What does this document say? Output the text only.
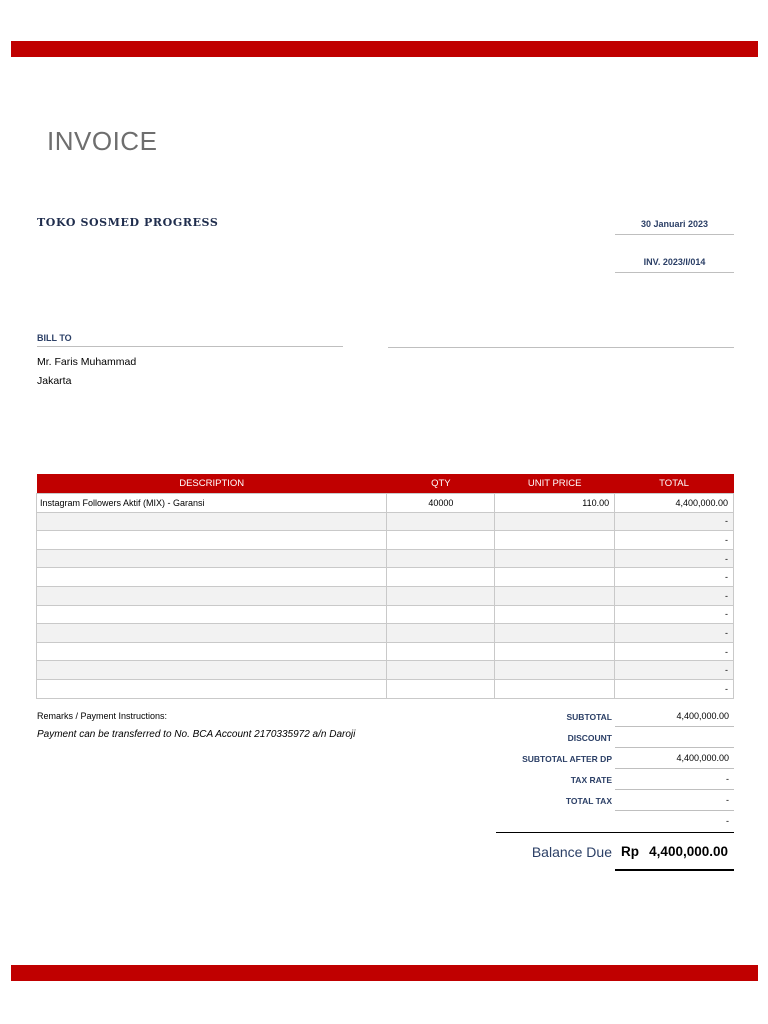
INVOICE
TOKO SOSMED PROGRESS	30 Januari 2023
INV. 2023/I/014
BILL TO
Mr. Faris Muhammad
Jakarta
DESCRIPTION	QTY	UNIT PRICE	TOTAL
Instagram Followers Aktif (MIX) - Garansi	40000	110.00	4,400,000.00
			-
			-
			-
			-
			-
			-
			-
			-
			-
			-
Remarks / Payment Instructions:
Payment can be transferred to No. BCA Account 2170335972 a/n Daroji
SUBTOTAL	4,400,000.00
DISCOUNT
SUBTOTAL AFTER DP	4,400,000.00
TAX RATE	-
TOTAL TAX	-
-
Balance Due Rp 4,400,000.00
